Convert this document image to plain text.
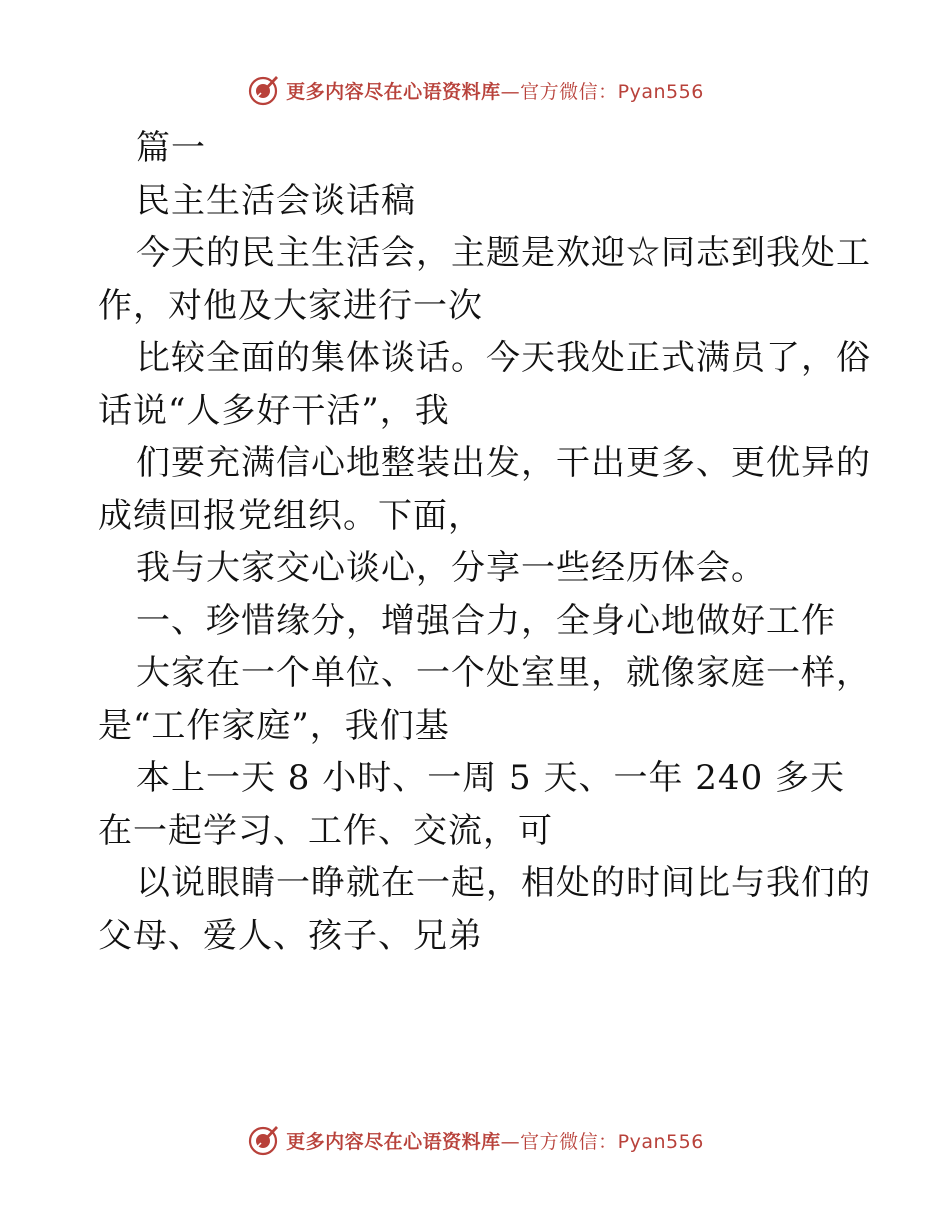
更多内容尽在心语资料库—官方微信：Pyan556
篇一
民主生活会谈话稿
今天的民主生活会，主题是欢迎☆同志到我处工
作，对他及大家进行一次
比较全面的集体谈话。今天我处正式满员了，俗
话说“人多好干活”，我
们要充满信心地整装出发，干出更多、更优异的
成绩回报党组织。下面，
我与大家交心谈心，分享一些经历体会。
一、珍惜缘分，增强合力，全身心地做好工作
大家在一个单位、一个处室里，就像家庭一样，
是“工作家庭”，我们基
本上一天 8 小时、一周 5 天、一年 240 多天
在一起学习、工作、交流，可
以说眼睛一睁就在一起，相处的时间比与我们的
父母、爱人、孩子、兄弟
更多内容尽在心语资料库—官方微信：Pyan556
